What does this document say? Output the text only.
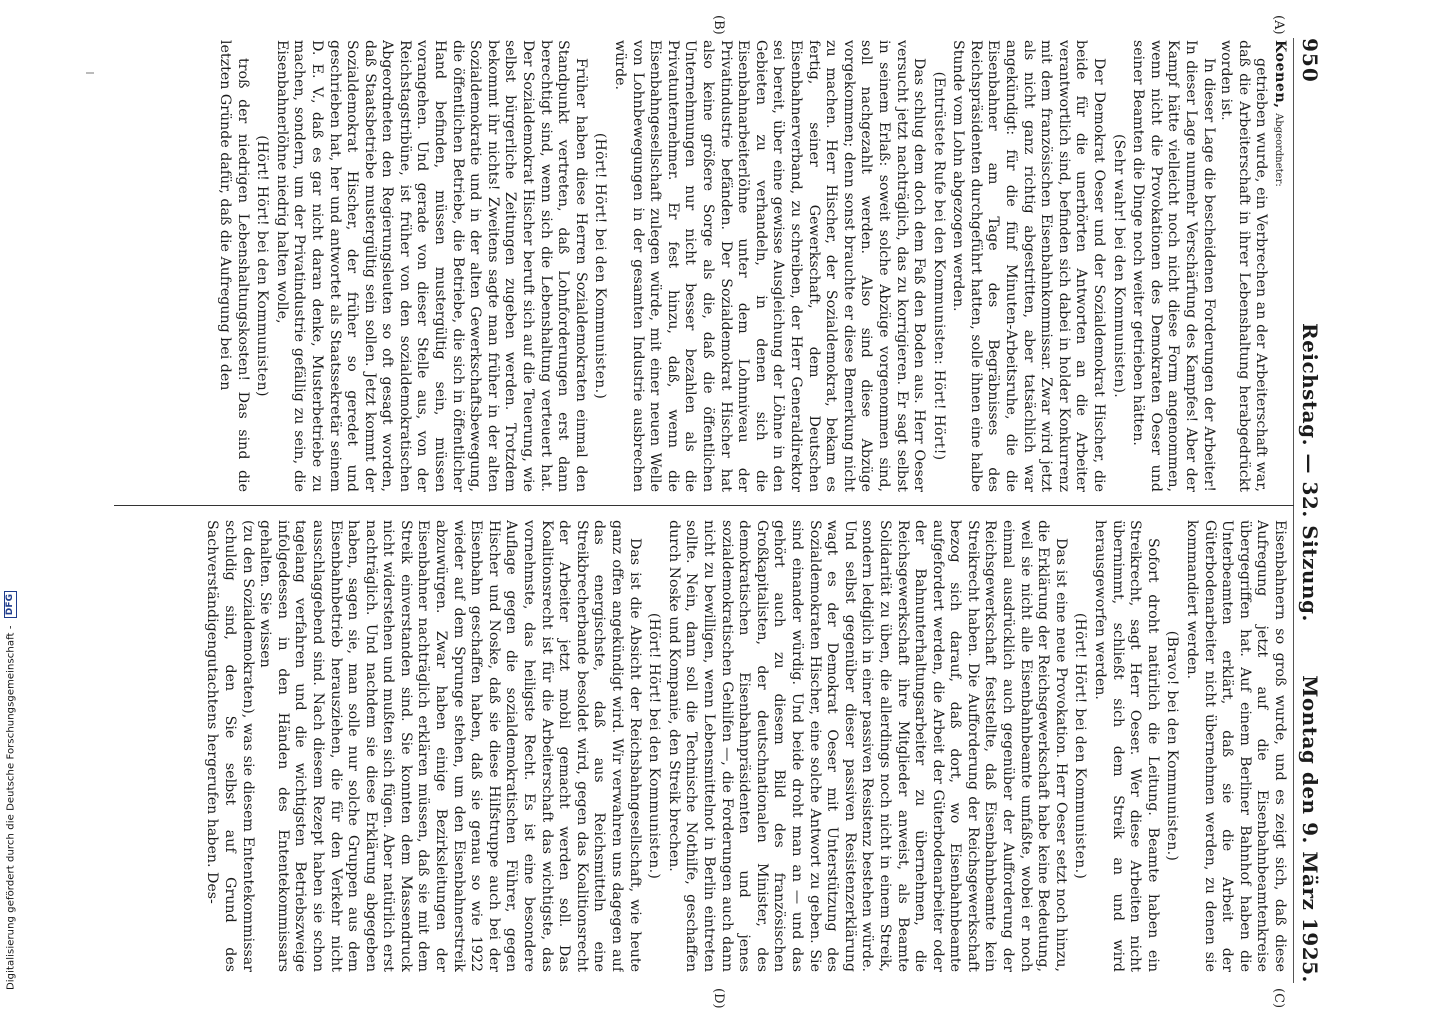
(A)
(B)
(C)
(D)
950
Reichstag. — 32. Sitzung.
Montag den 9. März 1925.

Koenen, Abgeordneter:

getrieben wurde, ein Verbrechen an der Arbeiterschaft war, daß die Arbeiterschaft in ihrer Lebenshaltung herabgedrückt worden ist.

In dieser Lage die bescheidenen Forderungen der Arbeiter! In dieser Lage nunmehr Verschärfung des Kampfes! Aber der Kampf hätte vielleicht noch nicht diese Form angenommen, wenn nicht die Provokationen des Demokraten Oeser und seiner Beamten die Dinge noch weiter getrieben hätten.

(Sehr wahr! bei den Kommunisten).

Der Demokrat Oeser und der Sozialdemokrat Hischer, die beide für die unerhörten Antworten an die Arbeiter verantwortlich sind, befinden sich dabei in holder Konkurrenz mit dem französischen Eisenbahnkommissar. Zwar wird jetzt als nicht ganz richtig abgestritten, aber tatsächlich war angekündigt: für die fünf Minuten-Arbeitsruhe, die die Eisenbahner am Tage des Begräbnisses des Reichspräsidenten durchgeführt hatten, solle ihnen eine halbe Stunde vom Lohn abgezogen werden.

(Entrüstete Rufe bei den Kommunisten: Hört! Hört!)

Das schlug dem doch dem Faß den Boden aus. Herr Oeser versucht jetzt nachträglich, das zu korrigieren. Er sagt selbst in seinem Erlaß: soweit solche Abzüge vorgenommen sind, soll nachgezahlt werden. Also sind diese Abzüge vorgekommen; denn sonst brauchte er diese Bemerkung nicht zu machen. Herr Hischer, der Sozialdemokrat, bekam es fertig, seiner Gewerkschaft, dem Deutschen Eisenbahnerverband, zu schreiben, der Herr Generaldirektor sei bereit, über eine gewisse Ausgleichung der Löhne in den Gebieten zu verhandeln, in denen sich die Eisenbahnarbeiterlöhne unter dem Lohnniveau der Privatindustrie befänden. Der Sozialdemokrat Hischer hat also keine größere Sorge als die, daß die öffentlichen Unternehmungen nur nicht besser bezahlen als die Privatunternehmer. Er fest hinzu, daß, wenn die Eisenbahngesellschaft zulegen würde, mit einer neuen Welle von Lohnbewegungen in der gesamten Industrie ausbrechen würde.

(Hört! Hört! bei den Kommunisten.)

Früher haben diese Herren Sozialdemokraten einmal den Standpunkt vertreten, daß Lohnforderungen erst dann berechtigt sind, wenn sich die Lebenshaltung verteuert hat. Der Sozialdemokrat Hischer beruft sich auf die Teuerung, wie selbst bürgerliche Zeitungen zugeben werden. Trotzdem bekommt ihr nichts! Zweitens sagte man früher in der alten Sozialdemokratie und in der alten Gewerkschaftsbewegung, die öffentlichen Betriebe, die Betriebe, die sich in öffentlicher Hand befinden, müssen mustergültig sein, müssen vorangehen. Und gerade von dieser Stelle aus, von der Reichstagstribüne, ist früher von den sozialdemokratischen Abgeordneten den Regierungsleuten so oft gesagt worden, daß Staatsbetriebe mustergültig sein sollen. Jetzt kommt der Sozialdemokrat Hischer, der früher so geredet und geschrieben hat, her und antwortet als Staatssekretär seinem D. E. V., daß es gar nicht daran denke, Musterbetriebe zu machen, sondern, um der Privatindustrie gefällig zu sein, die Eisenbahnerlöhne niedrig halten wolle,

(Hört! Hört! bei den Kommunisten)

troß der niedrigen Lebenshaltungskosten! Das sind die letzten Gründe dafür, daß die Aufregung bei den

Eisenbahnern so groß wurde, und es zeigt sich, daß diese Aufregung jetzt auf die Eisenbahnbeamtenkreise übergegriffen hat. Auf einem Berliner Bahnhof haben die Unterbeamten erklärt, daß sie die Arbeit der Güterbodenarbeiter nicht übernehmen werden, zu denen sie kommandiert werden.

(Bravo! bei den Kommunisten.)

Sofort droht natürlich die Leitung. Beamte haben ein Streikrecht, sagt Herr Oeser. Wer diese Arbeiten nicht übernimmt, schließt sich dem Streik an und wird herausgeworfen werden.

(Hört! Hört! bei den Kommunisten.)

Das ist eine neue Provokation. Herr Oeser setzt noch hinzu, die Erklärung der Reichsgewerkschaft habe keine Bedeutung, weil sie nicht alle Eisenbahnbeamte umfaßte, wobei er noch einmal ausdrücklich auch gegenüber der Aufforderung der Reichsgewerkschaft feststellte, daß Eisenbahnbeamte kein Streikrecht haben. Die Aufforderung der Reichsgewerkschaft bezog sich darauf, daß dort, wo Eisenbahnbeamte aufgefordert werden, die Arbeit der Güterbodenarbeiter oder der Bahnunterhaltungsarbeiter zu übernehmen, die Reichsgewerkschaft ihre Mitglieder anweist, als Beamte Solidarität zu üben, die allerdings noch nicht in einem Streik, sondern lediglich in einer passiven Resistenz bestehen würde. Und selbst gegenüber dieser passiven Resistenzerklärung wagt es der Demokrat Oeser mit Unterstützung des Sozialdemokraten Hischer, eine solche Antwort zu geben. Sie sind einander würdig. Und beide droht man an — und das gehört auch zu diesem Bild des französischen Großkapitalisten, der deutschnationalen Minister, des demokratischen Eisenbahnpräsidenten und jenes sozialdemokratischen Gehilfen —, die Forderungen auch dann nicht zu bewilligen, wenn Lebensmittelnot in Berlin eintreten sollte. Nein, dann soll die Technische Nothilfe, geschaffen durch Noske und Kompanie, den Streik brechen.

(Hört! Hört! bei den Kommunisten.)

Das ist die Absicht der Reichsbahngesellschaft, wie heute ganz offen angekündigt wird. Wir verwahren uns dagegen auf das energischste, daß aus Reichsmitteln eine Streikbrecherbande besoldet wird, gegen das Koalitionsrecht der Arbeiter jetzt mobil gemacht werden soll. Das Koalitionsrecht ist für die Arbeiterschaft das wichtigste, das vornehmste, das heiligste Recht. Es ist eine besondere Auflage gegen die sozialdemokratischen Führer, gegen Hischer und Noske, daß sie diese Hilfstruppe auch bei der Eisenbahn geschaffen haben, daß sie genau so wie 1922 wieder auf dem Sprunge stehen, um den Eisenbahnerstreik abzuwürgen. Zwar haben einige Bezirksleitungen der Eisenbahner nachträglich erklären müssen, daß sie mit dem Streik einverstanden sind. Sie konnten dem Massendruck nicht widerstehen und mußten sich fügen. Aber natürlich erst nachträglich. Und nachdem sie diese Erklärung abgegeben haben, sagen sie, man solle nur solche Gruppen aus dem Eisenbahnbetrieb herausziehen, die für den Verkehr nicht ausschlaggebend sind. Nach diesem Rezept haben sie schon tagelang verfahren und die wichtigsten Betriebszweige infolgedessen in den Händen des Ententekommissars gehalten. Sie wissen

(zu den Sozialdemokraten), was sie diesem Ententekommissar schuldig sind, den Sie selbst auf Grund des Sachverständigengutachtens hergerufen haben. Des-

Digitalisierung gefördert durch die Deutsche Forschungsgemeinschaft - DFG
